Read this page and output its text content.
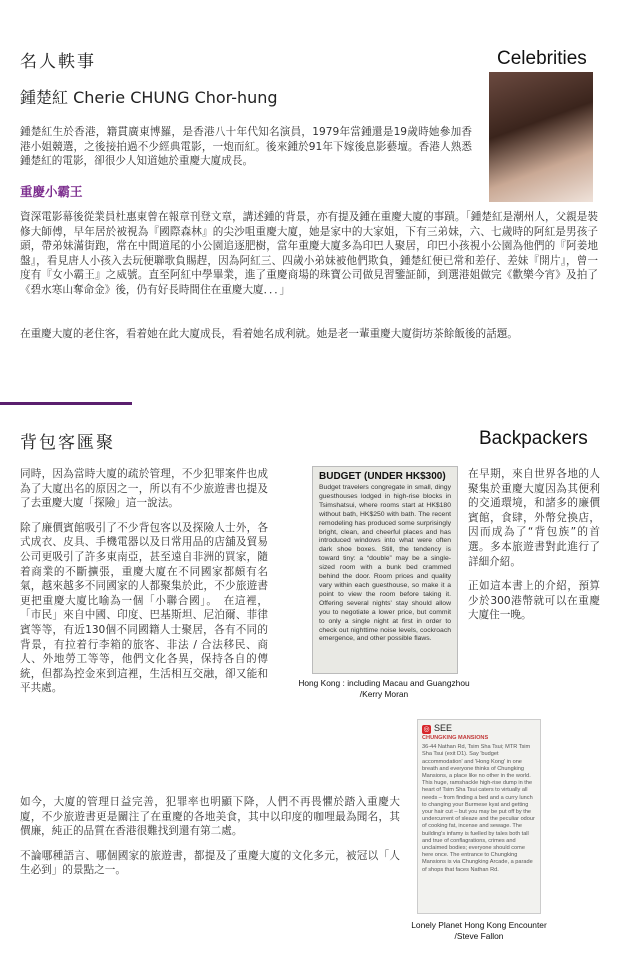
名人軼事	Celebrities
鍾楚紅 Cherie CHUNG Chor-hung
鍾楚紅生於香港，籍貫廣東博羅，是香港八十年代知名演員，1979年當鍾還是19歲時她參加香港小姐競選，之後接拍過不少經典電影，一炮而紅。後來鍾於91年下嫁後息影藝壇。香港人熟悉鍾楚紅的電影，卻很少人知道她於重慶大廈成長。
重慶小霸王
資深電影幕後從業員杜惠東曾在報章刊登文章，講述鍾的背景，亦有提及鍾在重慶大廈的事蹟。「鍾楚紅是潮州人，父親是裝修大師傅，早年居於被視為『國際森林』的尖沙咀重慶大廈，她是家中的大家姐，下有三弟妹，六、七歲時的阿紅是男孩子頭，帶弟妹滿街跑，常在中間道尾的小公園追逐肥樹，當年重慶大廈多為印巴人聚居，印巴小孩視小公園為他們的『阿姜地盤』，看見唐人小孩入去玩便聯歌負賜趕，因為阿紅三、四歲小弟妹被他們欺負，鍾楚紅便已常和差仔、差妹『開片』，曾一度有『女小霸王』之威號。直至阿紅中學畢業，進了重慶商場的珠寶公司做見習鑒証師，到選港姐做完《歡樂今宵》及拍了《碧水寒山奪命金》後，仍有好長時間住在重慶大廈．．．」
在重慶大廈的老住客，看着她在此大廈成長，看着她名成利就。她是老一輩重慶大廈街坊茶餘飯後的話題。
背包客匯聚	Backpackers

同時，因為當時大廈的疏於管理，不少犯罪案件也成為了大廈出名的原因之一，所以有不少旅遊書也提及了去重慶大廈「探險」這一說法。

除了廉價賓館吸引了不少背包客以及探險人士外，各式成衣、皮具、手機電器以及日常用品的店舖及貿易公司更吸引了許多東南亞，甚至遠自非洲的買家，隨着商業的不斷擴張，重慶大廈在不同國家都頗有名氣，越來越多不同國家的人都聚集於此，不少旅遊書更把重慶大廈比喻為一個「小聯合國」。　在這裡，「市民」來自中國、印度、巴基斯坦、尼泊爾、菲律賓等等，有近130個不同國籍人士聚居，各有不同的背景，有拉着行李箱的旅客、非法 / 合法移民、商人、外地勞工等等，他們文化各異，保持各自的傳統，但都為控金來到這裡，生活相互交融，卻又能和平共處。

BUDGET (UNDER HK$300)
Budget travelers congregate in small, dingy guesthouses lodged in high-rise blocks in Tsimshatsui, where rooms start at HK$180 without bath, HK$250 with bath. The recent remodeling has produced some surprisingly bright, clean, and cheerful places and has introduced windows into what were often dark shoe boxes. Still, the tendency is toward tiny: a “double” may be a single-sized room with a bunk bed crammed behind the door. Room prices and quality vary within each guesthouse, so make it a point to view the room before taking it. Offering several nights' stay should allow you to negotiate a lower price, but commit to only a single night at first in order to check out nighttime noise levels, cockroach emergence, and other possible flaws.
Hong Kong : including Macau and Guangzhou
/Kerry Moran

在早期，來自世界各地的人聚集於重慶大廈因為其便利的交通環境，和諸多的廉價賓館，食肆，外幣兌換店，因而成為了“背包族”的首選。多本旅遊書對此進行了詳細介紹。

正如這本書上的介紹，預算少於300港幣就可以在重慶大廈住一晚。

◎ SEE
CHUNGKING MANSIONS
36-44 Nathan Rd, Tsim Sha Tsui; MTR Tsim Sha Tsui (exit D1). Say 'budget accommodation' and 'Hong Kong' in one breath and everyone thinks of Chungking Mansions, a place like no other in the world. This huge, ramshackle high-rise dump in the heart of Tsim Sha Tsui caters to virtually all needs – from finding a bed and a curry lunch to changing your Burmese kyat and getting your hair cut – but you may be put off by the undercurrent of sleaze and the peculiar odour of cooking fat, incense and sewage. The building's infamy is fuelled by tales both tall and true of conflagrations, crimes and unclaimed bodies; everyone should come here once. The entrance to Chungking Mansions is via Chungking Arcade, a parade of shops that faces Nathan Rd.
Lonely Planet Hong Kong Encounter
/Steve Fallon

如今，大廈的管理日益完善，犯罪率也明顯下降，人們不再畏懼於踏入重慶大廈，不少旅遊書更是關注了在重慶的各地美食，其中以印度的咖哩最為聞名，其價廉，純正的品質在香港很難找到還有第二處。

不論哪種語言、哪個國家的旅遊書，都提及了重慶大廈的文化多元，被冠以「人生必到」的景點之一。
